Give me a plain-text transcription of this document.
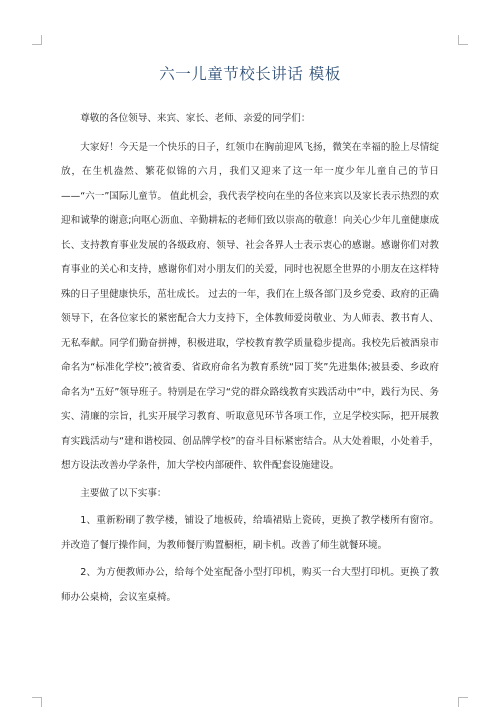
六一儿童节校长讲话 模板

尊敬的各位领导、来宾、家长、老师、亲爱的同学们：

大家好！今天是一个快乐的日子，红领巾在胸前迎风飞扬，微笑在幸福的脸上尽情绽放，在生机盎然、繁花似锦的六月，我们又迎来了这一年一度少年儿童自己的节日——“六一”国际儿童节。 值此机会，我代表学校向在坐的各位来宾以及家长表示热烈的欢迎和诚挚的谢意;向呕心沥血、辛勤耕耘的老师们致以崇高的敬意！向关心少年儿童健康成长、支持教育事业发展的各级政府、领导、社会各界人士表示衷心的感谢。感谢你们对教育事业的关心和支持，感谢你们对小朋友们的关爱，同时也祝愿全世界的小朋友在这样特殊的日子里健康快乐，茁壮成长。 过去的一年，我们在上级各部门及乡党委、政府的正确领导下，在各位家长的紧密配合大力支持下，全体教师爱岗敬业、为人师表、教书育人、无私奉献。同学们勤奋拼搏，积极进取，学校教育教学质量稳步提高。我校先后被酒泉市命名为“标准化学校”;被省委、省政府命名为教育系统“园丁奖”先进集体;被县委、乡政府命名为“五好”领导班子。特别是在学习“党的群众路线教育实践活动中”中，践行为民、务实、清廉的宗旨，扎实开展学习教育、听取意见环节各项工作，立足学校实际，把开展教育实践活动与“建和谐校园、创品牌学校”的奋斗目标紧密结合。从大处着眼，小处着手，想方设法改善办学条件，加大学校内部硬件、软件配套设施建设。

主要做了以下实事：

1、重新粉刷了教学楼，铺设了地板砖，给墙裙贴上瓷砖，更换了教学楼所有窗帘。并改造了餐厅操作间，为教师餐厅购置橱柜，刷卡机。改善了师生就餐环境。

2、为方便教师办公，给每个处室配备小型打印机，购买一台大型打印机。更换了教师办公桌椅，会议室桌椅。
